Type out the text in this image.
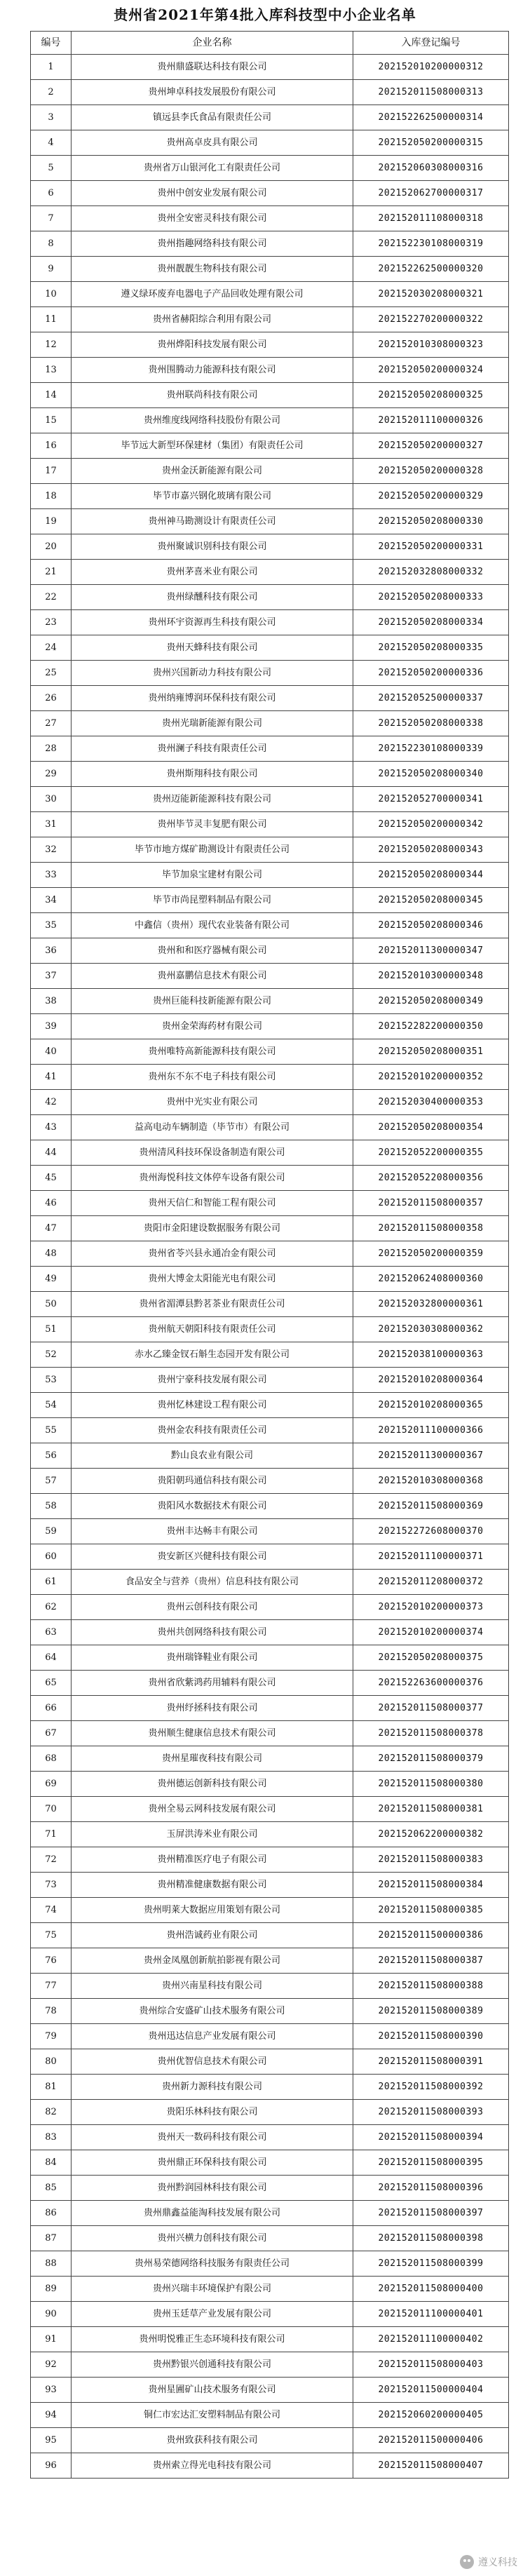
贵州省2021年第4批入库科技型中小企业名单
编号	企业名称	入库登记编号
1	贵州鼎盛联达科技有限公司	202152010200000312
2	贵州坤卓科技发展股份有限公司	202152011508000313
3	镇远县李氏食品有限责任公司	202152262500000314
4	贵州高卓皮具有限公司	202152050200000315
5	贵州省万山银河化工有限责任公司	202152060308000316
6	贵州中创安业发展有限公司	202152062700000317
7	贵州全安密灵科技有限公司	202152011108000318
8	贵州指趣网络科技有限公司	202152230108000319
9	贵州靓靓生物科技有限公司	202152262500000320
10	遵义绿环废弃电器电子产品回收处理有限公司	202152030208000321
11	贵州省赫阳综合利用有限公司	202152270200000322
12	贵州烨阳科技发展有限公司	202152010308000323
13	贵州围腾动力能源科技有限公司	202152050200000324
14	贵州联尚科技有限公司	202152050208000325
15	贵州维度线网络科技股份有限公司	202152011100000326
16	毕节远大新型环保建材（集团）有限责任公司	202152050200000327
17	贵州金沃新能源有限公司	202152050200000328
18	毕节市嘉兴钢化玻璃有限公司	202152050200000329
19	贵州神马勘测设计有限责任公司	202152050208000330
20	贵州聚诚识别科技有限公司	202152050200000331
21	贵州茅喜米业有限公司	202152032808000332
22	贵州绿醺科技有限公司	202152050208000333
23	贵州环宇资源再生科技有限公司	202152050208000334
24	贵州天蜂科技有限公司	202152050208000335
25	贵州兴国新动力科技有限公司	202152050200000336
26	贵州纳雍博润环保科技有限公司	202152052500000337
27	贵州光瑞新能源有限公司	202152050208000338
28	贵州澜子科技有限责任公司	202152230108000339
29	贵州斯翔科技有限公司	202152050208000340
30	贵州迈能新能源科技有限公司	202152052700000341
31	贵州毕节灵丰复肥有限公司	202152050200000342
32	毕节市地方煤矿勘测设计有限责任公司	202152050208000343
33	毕节加泉宝建材有限公司	202152050208000344
34	毕节市尚昆塑料制品有限公司	202152050208000345
35	中鑫信（贵州）现代农业装备有限公司	202152050208000346
36	贵州和和医疗器械有限公司	202152011300000347
37	贵州嘉鹏信息技术有限公司	202152010300000348
38	贵州巨能科技新能源有限公司	202152050208000349
39	贵州金荣海药材有限公司	202152282200000350
40	贵州唯特高新能源科技有限公司	202152050208000351
41	贵州东不东不电子科技有限公司	202152010200000352
42	贵州中光实业有限公司	202152030400000353
43	益高电动车辆制造（毕节市）有限公司	202152050208000354
44	贵州清风科技环保设备制造有限公司	202152052200000355
45	贵州海悦科技文体停车设备有限公司	202152052208000356
46	贵州天信仁和智能工程有限公司	202152011508000357
47	贵阳市金阳建设数据服务有限公司	202152011508000358
48	贵州省苓兴县永通冶金有限公司	202152050200000359
49	贵州大博金太阳能光电有限公司	202152062408000360
50	贵州省湄潭县黔茗茶业有限责任公司	202152032800000361
51	贵州航天朝阳科技有限责任公司	202152030308000362
52	赤水乙臻金钗石斛生态园开发有限公司	202152038100000363
53	贵州宁豪科技发展有限公司	202152010208000364
54	贵州忆林建设工程有限公司	202152010208000365
55	贵州金农科技有限责任公司	202152011100000366
56	黔山良农业有限公司	202152011300000367
57	贵阳朝玛通信科技有限公司	202152010308000368
58	贵阳风水数据技术有限公司	202152011508000369
59	贵州丰达畅丰有限公司	202152272608000370
60	贵安新区兴健科技有限公司	202152011100000371
61	食品安全与营养（贵州）信息科技有限公司	202152011208000372
62	贵州云创科技有限公司	202152010200000373
63	贵州共创网络科技有限公司	202152010200000374
64	贵州瑞锋鞋业有限公司	202152050208000375
65	贵州省欣紫鸿药用辅料有限公司	202152263600000376
66	贵州纾拯科技有限公司	202152011508000377
67	贵州顺生健康信息技术有限公司	202152011508000378
68	贵州星璀夜科技有限公司	202152011508000379
69	贵州德运创新科技有限公司	202152011508000380
70	贵州全易云网科技发展有限公司	202152011508000381
71	玉屏洪涛米业有限公司	202152062200000382
72	贵州精准医疗电子有限公司	202152011508000383
73	贵州精准健康数据有限公司	202152011508000384
74	贵州明莱大数据应用策划有限公司	202152011508000385
75	贵州浩诚药业有限公司	202152011500000386
76	贵州金凤凰创新航拍影视有限公司	202152011508000387
77	贵州兴南星科技有限公司	202152011508000388
78	贵州综合安盛矿山技术服务有限公司	202152011508000389
79	贵州迅达信息产业发展有限公司	202152011508000390
80	贵州优智信息技术有限公司	202152011508000391
81	贵州新力源科技有限公司	202152011508000392
82	贵阳乐林科技有限公司	202152011508000393
83	贵州天一数码科技有限公司	202152011508000394
84	贵州鼎正环保科技有限公司	202152011508000395
85	贵州黔润园林科技有限公司	202152011508000396
86	贵州鼎鑫益能淘科技发展有限公司	202152011508000397
87	贵州兴横力创科技有限公司	202152011508000398
88	贵州易荣德网络科技服务有限责任公司	202152011508000399
89	贵州兴瑞丰环境保护有限公司	202152011508000400
90	贵州玉廷草产业发展有限公司	202152011100000401
91	贵州明悦雅正生态环境科技有限公司	202152011100000402
92	贵州黔银兴创通科技有限公司	202152011508000403
93	贵州星圃矿山技术服务有限公司	202152011500000404
94	铜仁市宏达汇安塑料制品有限公司	202152060200000405
95	贵州致获科技有限公司	202152011500000406
96	贵州索立得光电科技有限公司	202152011508000407
遵义科技
